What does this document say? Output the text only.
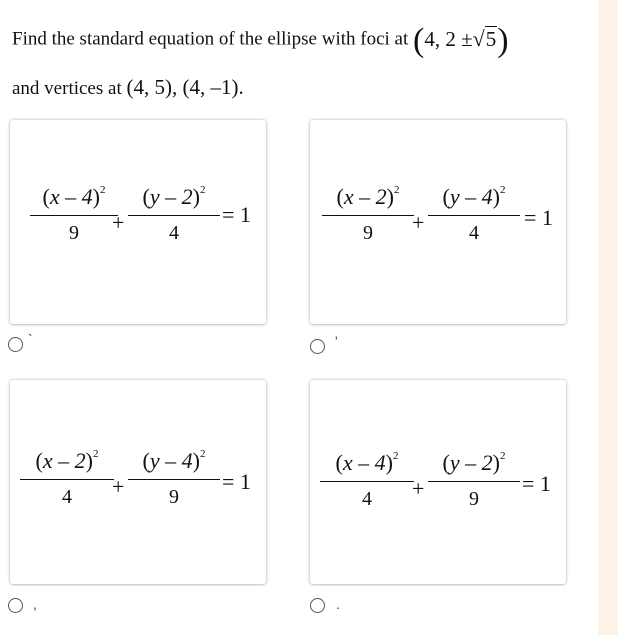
Find the standard equation of the ellipse with foci at (4, 2 ±√5)
and vertices at (4, 5), (4, –1).
(x – 4)$^2$
9	+
(y – 2)$^2$
4
= 1
`
(x – 2)$^2$
9	+
(y – 4)$^2$
4
= 1
'
(x – 2)$^2$
4	+
(y – 4)$^2$
9
= 1
,
(x – 4)$^2$
4	+
(y – 2)$^2$
9
= 1
.
